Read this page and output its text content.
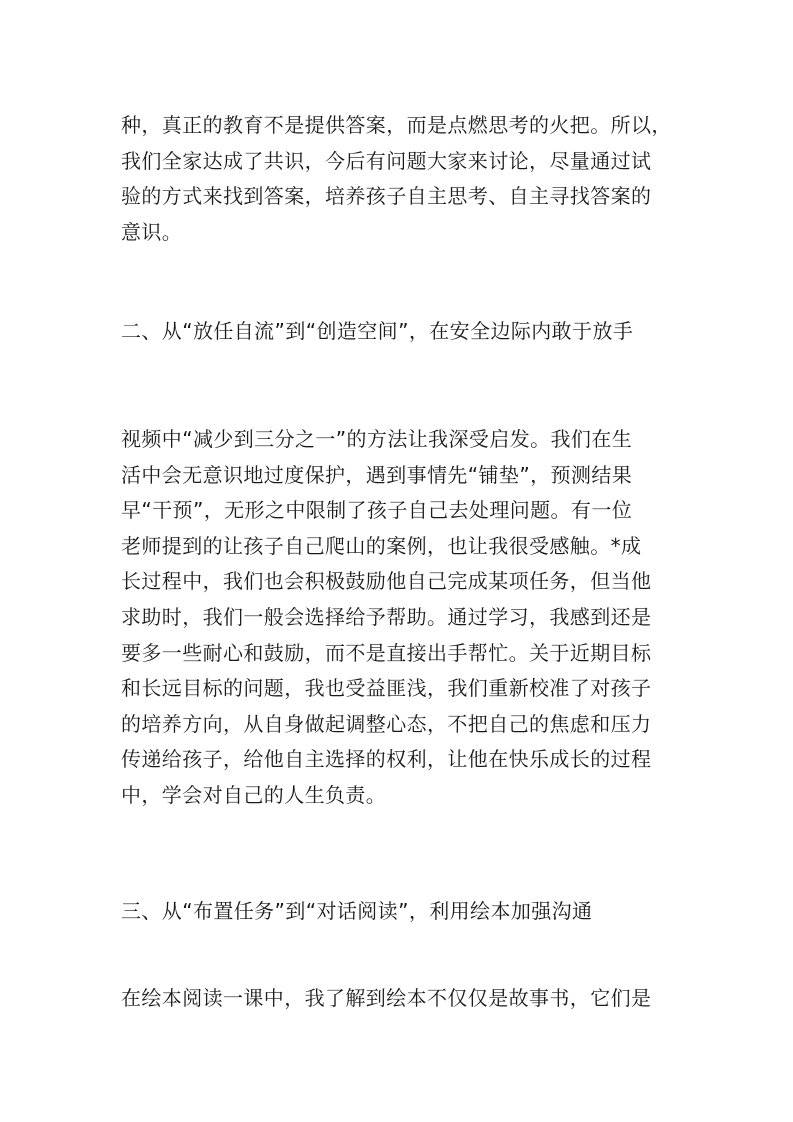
种，真正的教育不是提供答案，而是点燃思考的火把。所以，
我们全家达成了共识，今后有问题大家来讨论，尽量通过试
验的方式来找到答案，培养孩子自主思考、自主寻找答案的
意识。

二、从“放任自流”到“创造空间”，在安全边际内敢于放手

视频中“减少到三分之一”的方法让我深受启发。我们在生
活中会无意识地过度保护，遇到事情先“铺垫”，预测结果
早“干预”，无形之中限制了孩子自己去处理问题。有一位
老师提到的让孩子自己爬山的案例，也让我很受感触。*成
长过程中，我们也会积极鼓励他自己完成某项任务，但当他
求助时，我们一般会选择给予帮助。通过学习，我感到还是
要多一些耐心和鼓励，而不是直接出手帮忙。关于近期目标
和长远目标的问题，我也受益匪浅，我们重新校准了对孩子
的培养方向，从自身做起调整心态，不把自己的焦虑和压力
传递给孩子，给他自主选择的权利，让他在快乐成长的过程
中，学会对自己的人生负责。

三、从“布置任务”到“对话阅读”，利用绘本加强沟通

在绘本阅读一课中，我了解到绘本不仅仅是故事书，它们是
